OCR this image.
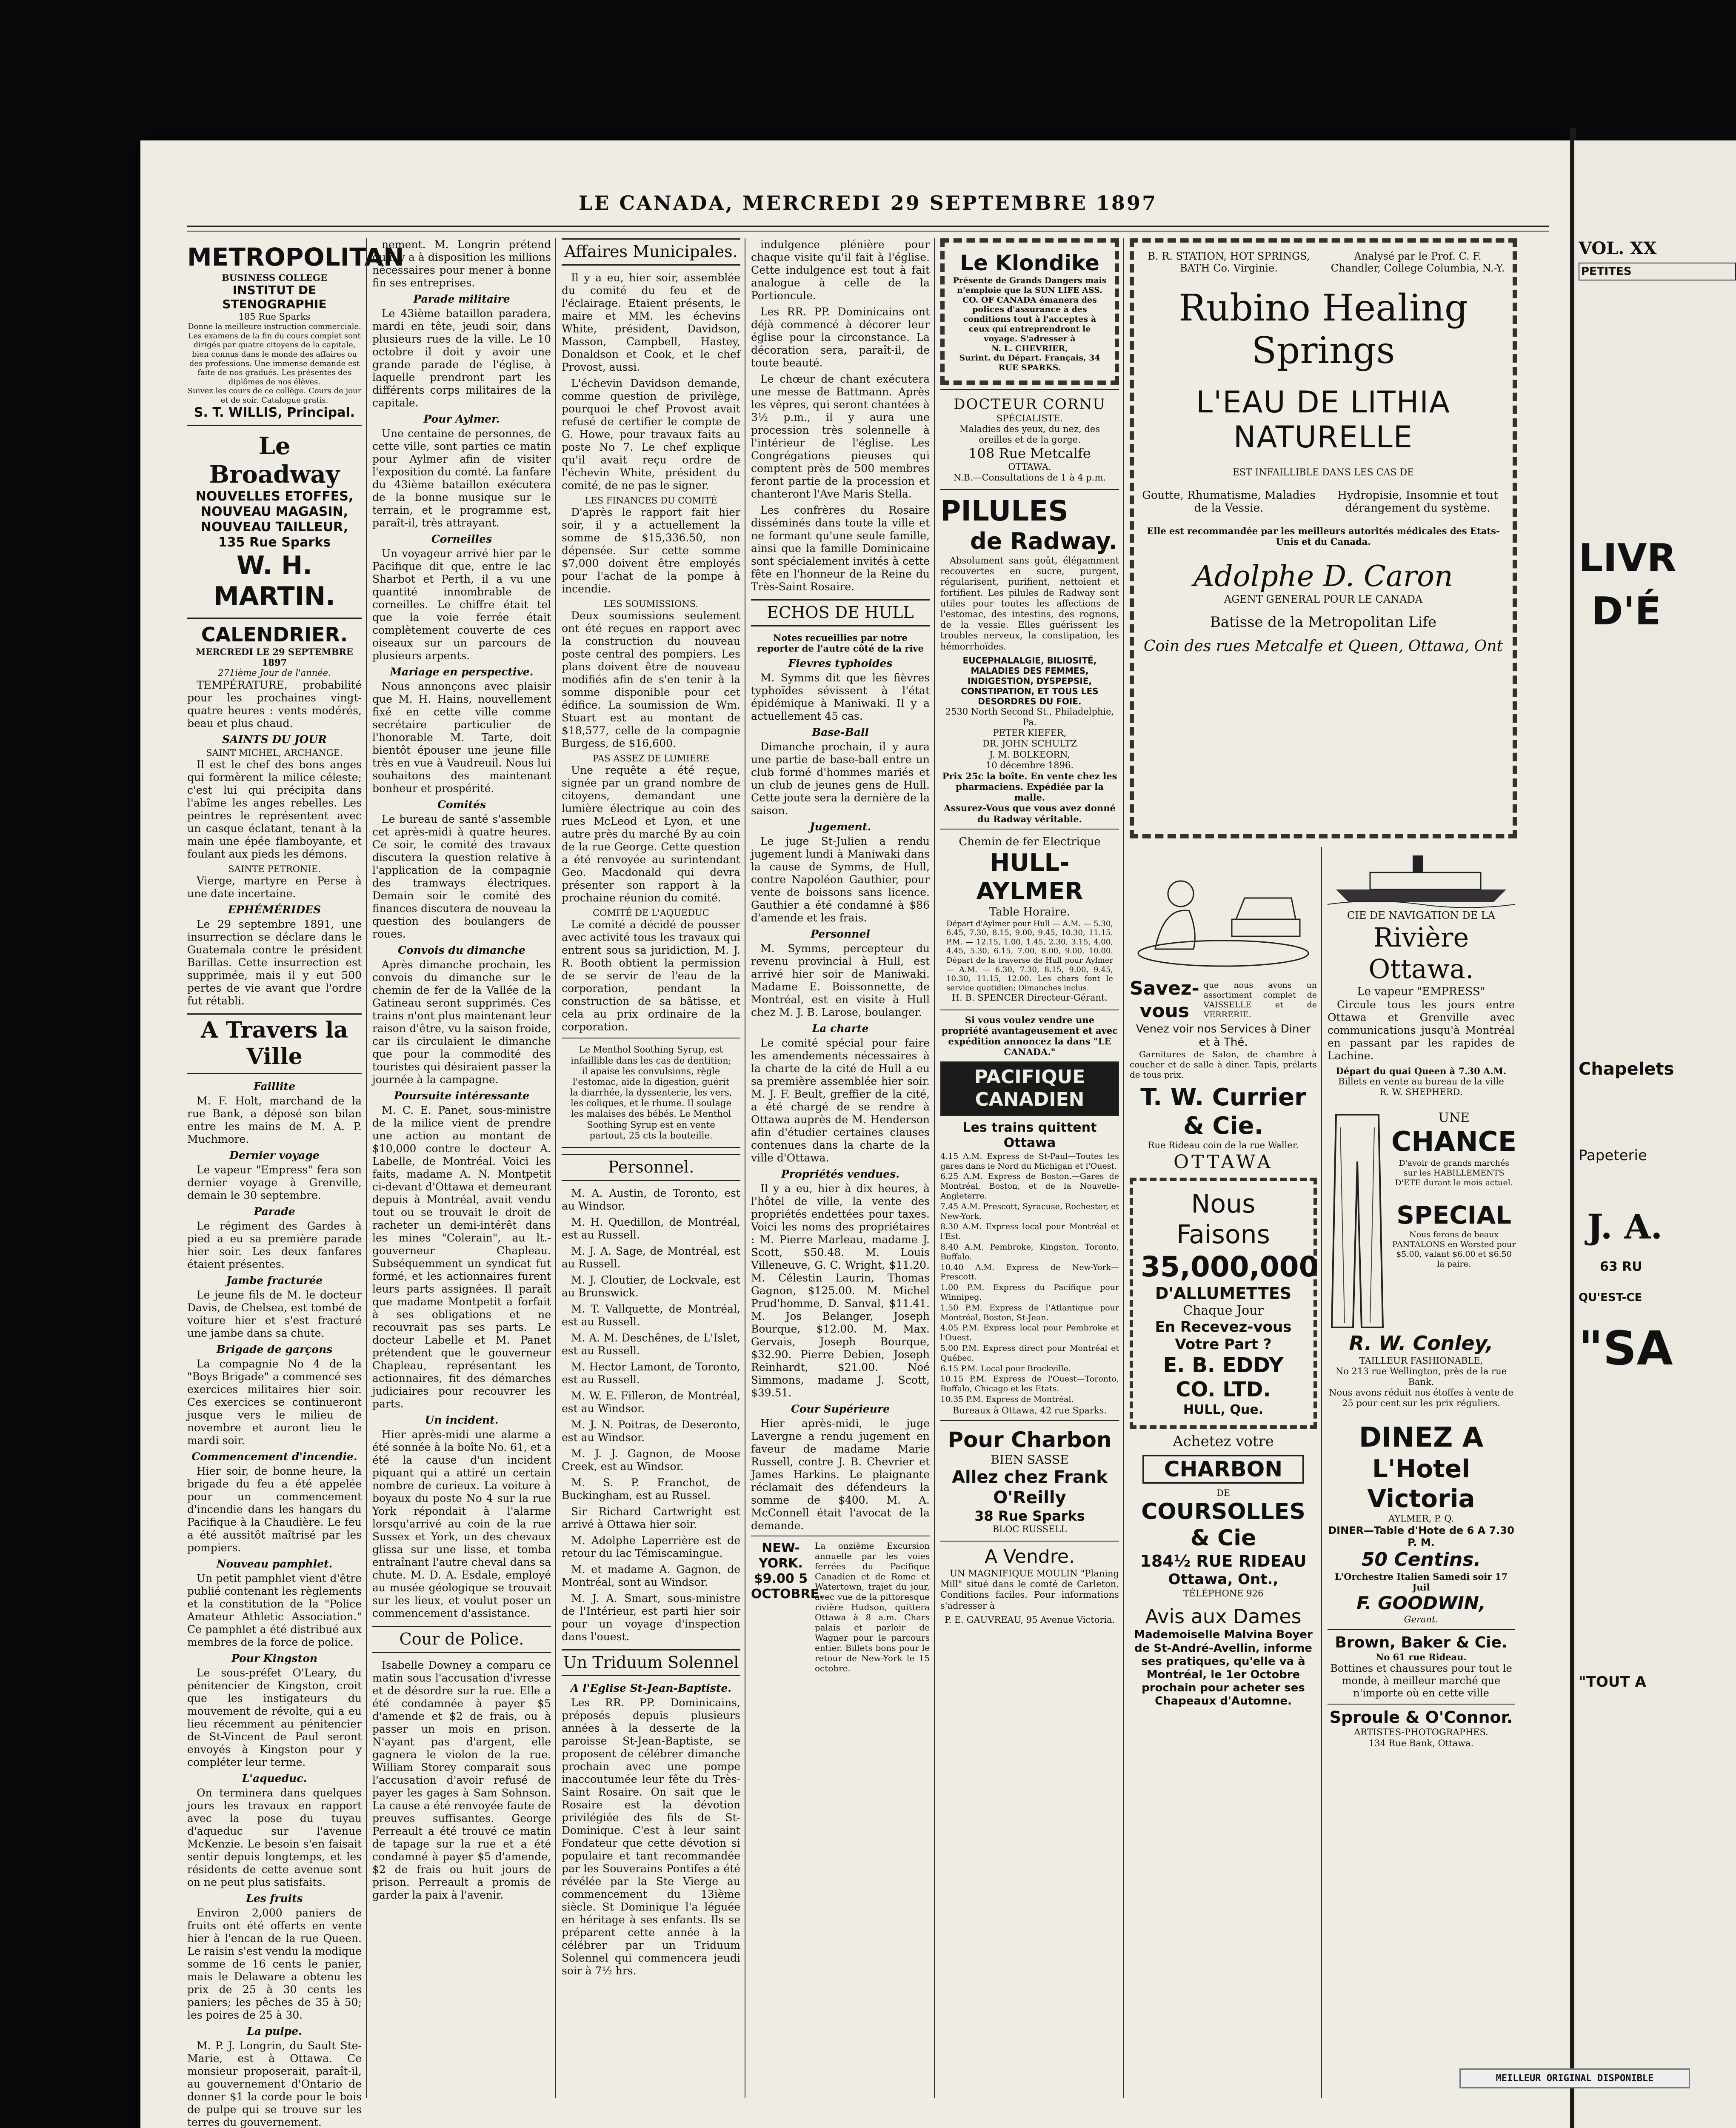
LE CANADA, MERCREDI 29 SEPTEMBRE 1897
METROPOLITAN
BUSINESS COLLEGE
INSTITUT DE STENOGRAPHIE
185 Rue Sparks
Donne la meilleure instruction commerciale. Les examens de la fin du cours complet sont dirigés par quatre citoyens de la capitale, bien connus dans le monde des affaires ou des professions. Une immense demande est faite de nos gradués. Les présentes des diplômes de nos élèves.
Suivez les cours de ce collège. Cours de jour et de soir. Catalogue gratis.
S. T. WILLIS, Principal.
Le Broadway
NOUVELLES ETOFFES,
NOUVEAU MAGASIN,
NOUVEAU TAILLEUR,
135 Rue Sparks
W. H. MARTIN.
CALENDRIER.
MERCREDI LE 29 SEPTEMBRE 1897
271ième Jour de l'année.

TEMPÉRATURE, probabilité pour les prochaines vingt-quatre heures : vents modérés, beau et plus chaud.

SAINTS DU JOUR
SAINT MICHEL, ARCHANGE.

Il est le chef des bons anges qui formèrent la milice céleste; c'est lui qui précipita dans l'abîme les anges rebelles. Les peintres le représentent avec un casque éclatant, tenant à la main une épée flamboyante, et foulant aux pieds les démons.

SAINTE PETRONIE.

Vierge, martyre en Perse à une date incertaine.

EPHÉMÉRIDES

Le 29 septembre 1891, une insurrection se déclare dans le Guatemala contre le président Barillas. Cette insurrection est supprimée, mais il y eut 500 pertes de vie avant que l'ordre fut rétabli.

A Travers la Ville
Faillite

M. F. Holt, marchand de la rue Bank, a déposé son bilan entre les mains de M. A. P. Muchmore.

Dernier voyage

Le vapeur "Empress" fera son dernier voyage à Grenville, demain le 30 septembre.

Parade

Le régiment des Gardes à pied a eu sa première parade hier soir. Les deux fanfares étaient présentes.

Jambe fracturée

Le jeune fils de M. le docteur Davis, de Chelsea, est tombé de voiture hier et s'est fracturé une jambe dans sa chute.

Brigade de garçons

La compagnie No 4 de la "Boys Brigade" a commencé ses exercices militaires hier soir. Ces exercices se continueront jusque vers le milieu de novembre et auront lieu le mardi soir.

Commencement d'incendie.

Hier soir, de bonne heure, la brigade du feu a été appelée pour un commencement d'incendie dans les hangars du Pacifique à la Chaudière. Le feu a été aussitôt maîtrisé par les pompiers.

Nouveau pamphlet.

Un petit pamphlet vient d'être publié contenant les règlements et la constitution de la "Police Amateur Athletic Association." Ce pamphlet a été distribué aux membres de la force de police.

Pour Kingston

Le sous-préfet O'Leary, du pénitencier de Kingston, croit que les instigateurs du mouvement de révolte, qui a eu lieu récemment au pénitencier de St-Vincent de Paul seront envoyés à Kingston pour y compléter leur terme.

L'aqueduc.

On terminera dans quelques jours les travaux en rapport avec la pose du tuyau d'aqueduc sur l'avenue McKenzie. Le besoin s'en faisait sentir depuis longtemps, et les résidents de cette avenue sont on ne peut plus satisfaits.

Les fruits

Environ 2,000 paniers de fruits ont été offerts en vente hier à l'encan de la rue Queen. Le raisin s'est vendu la modique somme de 16 cents le panier, mais le Delaware a obtenu les prix de 25 à 30 cents les paniers; les pêches de 35 à 50; les poires de 25 à 30.

La pulpe.

M. P. J. Longrin, du Sault Ste-Marie, est à Ottawa. Ce monsieur proposerait, paraît-il, au gouvernement d'Ontario de donner $1 la corde pour le bois de pulpe qui se trouve sur les terres du gouvernement.

nement. M. Longrin prétend qu'il y a à disposition les millions nécessaires pour mener à bonne fin ses entreprises.

Parade militaire

Le 43ième bataillon paradera, mardi en tête, jeudi soir, dans plusieurs rues de la ville. Le 10 octobre il doit y avoir une grande parade de l'église, à laquelle prendront part les différents corps militaires de la capitale.

Pour Aylmer.

Une centaine de personnes, de cette ville, sont parties ce matin pour Aylmer afin de visiter l'exposition du comté. La fanfare du 43ième bataillon exécutera de la bonne musique sur le terrain, et le programme est, paraît-il, très attrayant.

Corneilles

Un voyageur arrivé hier par le Pacifique dit que, entre le lac Sharbot et Perth, il a vu une quantité innombrable de corneilles. Le chiffre était tel que la voie ferrée était complètement couverte de ces oiseaux sur un parcours de plusieurs arpents.

Mariage en perspective.

Nous annonçons avec plaisir que M. H. Hains, nouvellement fixé en cette ville comme secrétaire particulier de l'honorable M. Tarte, doit bientôt épouser une jeune fille très en vue à Vaudreuil. Nous lui souhaitons des maintenant bonheur et prospérité.

Comités

Le bureau de santé s'assemble cet après-midi à quatre heures. Ce soir, le comité des travaux discutera la question relative à l'application de la compagnie des tramways électriques. Demain soir le comité des finances discutera de nouveau la question des boulangers de roues.

Convois du dimanche

Après dimanche prochain, les convois du dimanche sur le chemin de fer de la Vallée de la Gatineau seront supprimés. Ces trains n'ont plus maintenant leur raison d'être, vu la saison froide, car ils circulaient le dimanche que pour la commodité des touristes qui désiraient passer la journée à la campagne.

Poursuite intéressante

M. C. E. Panet, sous-ministre de la milice vient de prendre une action au montant de $10,000 contre le docteur A. Labelle, de Montréal. Voici les faits, madame A. N. Montpetit ci-devant d'Ottawa et demeurant depuis à Montréal, avait vendu tout ou se trouvait le droit de racheter un demi-intérêt dans les mines "Colerain", au lt.-gouverneur Chapleau. Subséquemment un syndicat fut formé, et les actionnaires furent leurs parts assignées. Il paraît que madame Montpetit a forfait à ses obligations et ne recouvrait pas ses parts. Le docteur Labelle et M. Panet prétendent que le gouverneur Chapleau, représentant les actionnaires, fit des démarches judiciaires pour recouvrer les parts.

Un incident.

Hier après-midi une alarme a été sonnée à la boîte No. 61, et a été la cause d'un incident piquant qui a attiré un certain nombre de curieux. La voiture à boyaux du poste No 4 sur la rue York répondait à l'alarme lorsqu'arrivé au coin de la rue Sussex et York, un des chevaux glissa sur une lisse, et tomba entraînant l'autre cheval dans sa chute. M. D. A. Esdale, employé au musée géologique se trouvait sur les lieux, et voulut poser un commencement d'assistance.

Cour de Police.

Isabelle Downey a comparu ce matin sous l'accusation d'ivresse et de désordre sur la rue. Elle a été condamnée à payer $5 d'amende et $2 de frais, ou à passer un mois en prison. N'ayant pas d'argent, elle gagnera le violon de la rue. William Storey comparait sous l'accusation d'avoir refusé de payer les gages à Sam Sohnson. La cause a été renvoyée faute de preuves suffisantes. George Perreault a été trouvé ce matin de tapage sur la rue et a été condamné à payer $5 d'amende, $2 de frais ou huit jours de prison. Perreault a promis de garder la paix à l'avenir.

Affaires Municipales.

Il y a eu, hier soir, assemblée du comité du feu et de l'éclairage. Etaient présents, le maire et MM. les échevins White, président, Davidson, Masson, Campbell, Hastey, Donaldson et Cook, et le chef Provost, aussi.

L'échevin Davidson demande, comme question de privilège, pourquoi le chef Provost avait refusé de certifier le compte de G. Howe, pour travaux faits au poste No 7. Le chef explique qu'il avait reçu ordre de l'échevin White, président du comité, de ne pas le signer.

LES FINANCES DU COMITÉ

D'après le rapport fait hier soir, il y a actuellement la somme de $15,336.50, non dépensée. Sur cette somme $7,000 doivent être employés pour l'achat de la pompe à incendie.

LES SOUMISSIONS.

Deux soumissions seulement ont été reçues en rapport avec la construction du nouveau poste central des pompiers. Les plans doivent être de nouveau modifiés afin de s'en tenir à la somme disponible pour cet édifice. La soumission de Wm. Stuart est au montant de $18,577, celle de la compagnie Burgess, de $16,600.

PAS ASSEZ DE LUMIERE

Une requête a été reçue, signée par un grand nombre de citoyens, demandant une lumière électrique au coin des rues McLeod et Lyon, et une autre près du marché By au coin de la rue George. Cette question a été renvoyée au surintendant Geo. Macdonald qui devra présenter son rapport à la prochaine réunion du comité.

COMITÉ DE L'AQUEDUC

Le comité a décidé de pousser avec activité tous les travaux qui entrent sous sa juridiction, M. J. R. Booth obtient la permission de se servir de l'eau de la corporation, pendant la construction de sa bâtisse, et cela au prix ordinaire de la corporation.

Le Menthol Soothing Syrup, est infaillible dans les cas de dentition; il apaise les convulsions, règle l'estomac, aide la digestion, guérit la diarrhée, la dyssenterie, les vers, les coliques, et le rhume. Il soulage les malaises des bébés. Le Menthol Soothing Syrup est en vente partout, 25 cts la bouteille.
Personnel.

M. A. Austin, de Toronto, est au Windsor.

M. H. Quedillon, de Montréal, est au Russell.

M. J. A. Sage, de Montréal, est au Russell.

M. J. Cloutier, de Lockvale, est au Brunswick.

M. T. Vallquette, de Montréal, est au Russell.

M. A. M. Deschênes, de L'Islet, est au Russell.

M. Hector Lamont, de Toronto, est au Russell.

M. W. E. Filleron, de Montréal, est au Windsor.

M. J. N. Poitras, de Deseronto, est au Windsor.

M. J. J. Gagnon, de Moose Creek, est au Windsor.

M. S. P. Franchot, de Buckingham, est au Russel.

Sir Richard Cartwright est arrivé à Ottawa hier soir.

M. Adolphe Laperrière est de retour du lac Témiscamingue.

M. et madame A. Gagnon, de Montréal, sont au Windsor.

M. J. A. Smart, sous-ministre de l'Intérieur, est parti hier soir pour un voyage d'inspection dans l'ouest.

Un Triduum Solennel
A l'Eglise St-Jean-Baptiste.

Les RR. PP. Dominicains, préposés depuis plusieurs années à la desserte de la paroisse St-Jean-Baptiste, se proposent de célébrer dimanche prochain avec une pompe inaccoutumée leur fête du Très-Saint Rosaire. On sait que le Rosaire est la dévotion privilégiée des fils de St-Dominique. C'est à leur saint Fondateur que cette dévotion si populaire et tant recommandée par les Souverains Pontifes a été révélée par la Ste Vierge au commencement du 13ième siècle. St Dominique l'a léguée en héritage à ses enfants. Ils se préparent cette année à la célébrer par un Triduum Solennel qui commencera jeudi soir à 7½ hrs.

indulgence plénière pour chaque visite qu'il fait à l'église. Cette indulgence est tout à fait analogue à celle de la Portioncule.

Les RR. PP. Dominicains ont déjà commencé à décorer leur église pour la circonstance. La décoration sera, paraît-il, de toute beauté.

Le chœur de chant exécutera une messe de Battmann. Après les vêpres, qui seront chantées à 3½ p.m., il y aura une procession très solennelle à l'intérieur de l'église. Les Congrégations pieuses qui comptent près de 500 membres feront partie de la procession et chanteront l'Ave Maris Stella.

Les confrères du Rosaire disséminés dans toute la ville et ne formant qu'une seule famille, ainsi que la famille Dominicaine sont spécialement invités à cette fête en l'honneur de la Reine du Très-Saint Rosaire.

ECHOS DE HULL
Notes recueillies par notre reporter de l'autre côté de la rive
Fievres typhoides

M. Symms dit que les fièvres typhoïdes sévissent à l'état épidémique à Maniwaki. Il y a actuellement 45 cas.

Base-Ball

Dimanche prochain, il y aura une partie de base-ball entre un club formé d'hommes mariés et un club de jeunes gens de Hull. Cette joute sera la dernière de la saison.

Jugement.

Le juge St-Julien a rendu jugement lundi à Maniwaki dans la cause de Symms, de Hull, contre Napoléon Gauthier, pour vente de boissons sans licence. Gauthier a été condamné à $86 d'amende et les frais.

Personnel

M. Symms, percepteur du revenu provincial à Hull, est arrivé hier soir de Maniwaki. Madame E. Boissonnette, de Montréal, est en visite à Hull chez M. J. B. Larose, boulanger.

La charte

Le comité spécial pour faire les amendements nécessaires à la charte de la cité de Hull a eu sa première assemblée hier soir. M. J. F. Beult, greffier de la cité, a été chargé de se rendre à Ottawa auprès de M. Henderson afin d'étudier certaines clauses contenues dans la charte de la ville d'Ottawa.

Propriétés vendues.

Il y a eu, hier à dix heures, à l'hôtel de ville, la vente des propriétés endettées pour taxes. Voici les noms des propriétaires : M. Pierre Marleau, madame J. Scott, $50.48. M. Louis Villeneuve, G. C. Wright, $11.20. M. Célestin Laurin, Thomas Gagnon, $125.00. M. Michel Prud'homme, D. Sanval, $11.41. M. Jos Belanger, Joseph Bourque, $12.00. M. Max. Gervais, Joseph Bourque, $32.90. Pierre Debien, Joseph Reinhardt, $21.00. Noé Simmons, madame J. Scott, $39.51.

Cour Supérieure

Hier après-midi, le juge Lavergne a rendu jugement en faveur de madame Marie Russell, contre J. B. Chevrier et James Harkins. Le plaignante réclamait des défendeurs la somme de $400. M. A. McConnell était l'avocat de la demande.

NEW-YORK. $9.00 5 OCTOBRE.
La onzième Excursion annuelle par les voies ferrées du Pacifique Canadien et de Rome et Watertown, trajet du jour, avec vue de la pittoresque rivière Hudson, quittera Ottawa à 8 a.m. Chars palais et parloir de Wagner pour le parcours entier. Billets bons pour le retour de New-York le 15 octobre.
Le Klondike
Présente de Grands Dangers mais n'emploie que la SUN LIFE ASS. CO. OF CANADA émanera des polices d'assurance à des conditions tout à l'acceptes à ceux qui entreprendront le voyage. S'adresser à
N. L. CHEVRIER,
Surint. du Départ. Français, 34 RUE SPARKS.
DOCTEUR CORNU
SPÉCIALISTE.
Maladies des yeux, du nez, des oreilles et de la gorge.
108 Rue Metcalfe
OTTAWA.
N.B.—Consultations de 1 à 4 p.m.
PILULES
de Radway.

Absolument sans goût, élégamment recouvertes en sucre, purgent, régularisent, purifient, nettoient et fortifient. Les pilules de Radway sont utiles pour toutes les affections de l'estomac, des intestins, des rognons, de la vessie. Elles guérissent les troubles nerveux, la constipation, les hémorrhoïdes.

EUCEPHALALGIE, BILIOSITÉ, MALADIES DES FEMMES, INDIGESTION, DYSPEPSIE, CONSTIPATION, ET TOUS LES DESORDRES DU FOIE.
2530 North Second St., Philadelphie, Pa.
PETER KIEFER,
DR. JOHN SCHULTZ
J. M. BOLKEORN,
10 décembre 1896.
Prix 25c la boîte. En vente chez les pharmaciens. Expédiée par la malle.
Assurez-Vous que vous avez donné du Radway véritable.
Chemin de fer Electrique
HULL-AYLMER
Table Horaire.
Départ d'Aylmer pour Hull — A.M. — 5.30, 6.45, 7.30, 8.15, 9.00, 9.45, 10.30, 11.15. P.M. — 12.15, 1.00, 1.45, 2.30, 3.15, 4.00, 4.45, 5.30, 6.15, 7.00, 8.00, 9.00, 10.00. Départ de la traverse de Hull pour Aylmer — A.M. — 6.30, 7.30, 8.15, 9.00, 9.45, 10.30, 11.15, 12.00. Les chars font le service quotidien; Dimanches inclus.
H. B. SPENCER Directeur-Gérant.
Si vous voulez vendre une propriété avantageusement et avec expédition annoncez la dans "LE CANADA."
PACIFIQUE
CANADIEN
Les trains quittent Ottawa
4.15 A.M. Express de St-Paul—Toutes les gares dans le Nord du Michigan et l'Ouest.
6.25 A.M. Express de Boston.—Gares de Montréal, Boston, et de la Nouvelle-Angleterre.
7.45 A.M. Prescott, Syracuse, Rochester, et New-York.
8.30 A.M. Express local pour Montréal et l'Est.
8.40 A.M. Pembroke, Kingston, Toronto, Buffalo.
10.40 A.M. Express de New-York—Prescott.
1.00 P.M. Express du Pacifique pour Winnipeg.
1.50 P.M. Express de l'Atlantique pour Montréal, Boston, St-Jean.
4.05 P.M. Express local pour Pembroke et l'Ouest.
5.00 P.M. Express direct pour Montréal et Québec.
6.15 P.M. Local pour Brockville.
10.15 P.M. Express de l'Ouest—Toronto, Buffalo, Chicago et les Etats.
10.35 P.M. Express de Montréal.
Bureaux à Ottawa, 42 rue Sparks.
Pour Charbon
BIEN SASSE
Allez chez Frank O'Reilly
38 Rue Sparks
BLOC RUSSELL
A Vendre.

UN MAGNIFIQUE MOULIN "Planing Mill" situé dans le comté de Carleton. Conditions faciles. Pour informations s'adresser à

P. E. GAUVREAU, 95 Avenue Victoria.
B. R. STATION, HOT SPRINGS, BATH Co. Virginie.
Analysé par le Prof. C. F. Chandler, College Columbia, N.-Y.
Rubino Healing Springs
L'EAU DE LITHIA NATURELLE
EST INFAILLIBLE DANS LES CAS DE
Goutte, Rhumatisme, Maladies de la Vessie.
Hydropisie, Insomnie et tout dérangement du système.
Elle est recommandée par les meilleurs autorités médicales des Etats-Unis et du Canada.
Adolphe D. Caron
AGENT GENERAL POUR LE CANADA
Batisse de la Metropolitan Life
Coin des rues Metcalfe et Queen, Ottawa, Ont
Savez-vous
que nous avons un assortiment complet de VAISSELLE et de VERRERIE.
Venez voir nos Services à Diner et à Thé.

Garnitures de Salon, de chambre à coucher et de salle à diner. Tapis, prélarts de tous prix.

T. W. Currier & Cie.
Rue Rideau coin de la rue Waller.
OTTAWA
Nous
Faisons
35,000,000
D'ALLUMETTES
Chaque Jour
En Recevez-vous Votre Part ?
E. B. EDDY CO. LTD.
HULL, Que.
Achetez votre
CHARBON
DE
COURSOLLES & Cie
184½ RUE RIDEAU
Ottawa, Ont.,
TÉLÉPHONE 926
Avis aux Dames
Mademoiselle Malvina Boyer de St-André-Avellin, informe ses pratiques, qu'elle va à Montréal, le 1er Octobre prochain pour acheter ses Chapeaux d'Automne.
CIE DE NAVIGATION DE LA
Rivière Ottawa.
Le vapeur "EMPRESS"

Circule tous les jours entre Ottawa et Grenville avec communications jusqu'à Montréal en passant par les rapides de Lachine.

Départ du quai Queen à 7.30 A.M.
Billets en vente au bureau de la ville
R. W. SHEPHERD.
UNE
CHANCE
D'avoir de grands marchés sur les HABILLEMENTS D'ETE durant le mois actuel.
SPECIAL
Nous ferons de beaux PANTALONS en Worsted pour $5.00, valant $6.00 et $6.50 la paire.
R. W. Conley,
TAILLEUR FASHIONABLE,
No 213 rue Wellington, près de la rue Bank.
Nous avons réduit nos étoffes à vente de 25 pour cent sur les prix réguliers.
DINEZ A
L'Hotel Victoria
AYLMER, P. Q.
DINER—Table d'Hote de 6 A 7.30 P. M.
50 Centins.
L'Orchestre Italien Samedi soir 17 Juil
F. GOODWIN,
Gerant.
Brown, Baker & Cie.
No 61 rue Rideau.
Bottines et chaussures pour tout le monde, à meilleur marché que n'importe où en cette ville
Sproule & O'Connor.
ARTISTES-PHOTOGRAPHES.
134 Rue Bank, Ottawa.
VOL. XX
PETITES
LIVR
D'É
Chapelets
Papeterie
J. A.
63 RU
QU'EST-CE
"SA
"TOUT A
MEILLEUR ORIGINAL DISPONIBLE
